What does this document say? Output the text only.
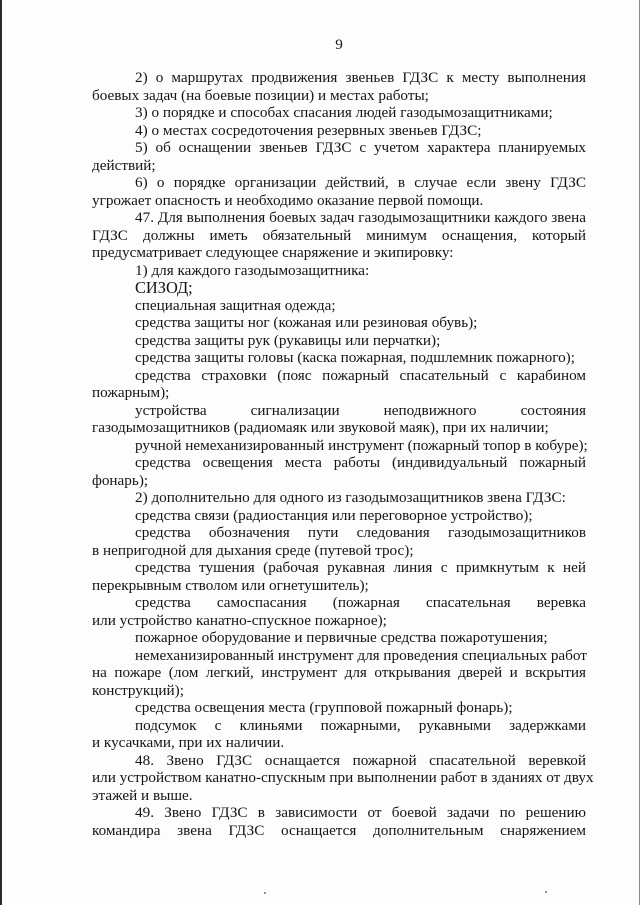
9
2) о маршрутах продвижения звеньев ГДЗС к месту выполнения
боевых задач (на боевые позиции) и местах работы;
3) о порядке и способах спасания людей газодымозащитниками;
4) о местах сосредоточения резервных звеньев ГДЗС;
5) об оснащении звеньев ГДЗС с учетом характера планируемых
действий;
6) о порядке организации действий, в случае если звену ГДЗС
угрожает опасность и необходимо оказание первой помощи.
47. Для выполнения боевых задач газодымозащитники каждого звена
ГДЗС должны иметь обязательный минимум оснащения, который
предусматривает следующее снаряжение и экипировку:
1) для каждого газодымозащитника:
СИЗОД;
специальная защитная одежда;
средства защиты ног (кожаная или резиновая обувь);
средства защиты рук (рукавицы или перчатки);
средства защиты головы (каска пожарная, подшлемник пожарного);
средства страховки (пояс пожарный спасательный с карабином
пожарным);
устройства сигнализации неподвижного состояния
газодымозащитников (радиомаяк или звуковой маяк), при их наличии;
ручной немеханизированный инструмент (пожарный топор в кобуре);
средства освещения места работы (индивидуальный пожарный
фонарь);
2) дополнительно для одного из газодымозащитников звена ГДЗС:
средства связи (радиостанция или переговорное устройство);
средства обозначения пути следования газодымозащитников
в непригодной для дыхания среде (путевой трос);
средства тушения (рабочая рукавная линия с примкнутым к ней
перекрывным стволом или огнетушитель);
средства самоспасания (пожарная спасательная веревка
или устройство канатно-спускное пожарное);
пожарное оборудование и первичные средства пожаротушения;
немеханизированный инструмент для проведения специальных работ
на пожаре (лом легкий, инструмент для открывания дверей и вскрытия
конструкций);
средства освещения места (групповой пожарный фонарь);
подсумок с клиньями пожарными, рукавными задержками
и кусачками, при их наличии.
48. Звено ГДЗС оснащается пожарной спасательной веревкой
или устройством канатно-спускным при выполнении работ в зданиях от двух
этажей и выше.
49. Звено ГДЗС в зависимости от боевой задачи по решению
командира звена ГДЗС оснащается дополнительным снаряжением
